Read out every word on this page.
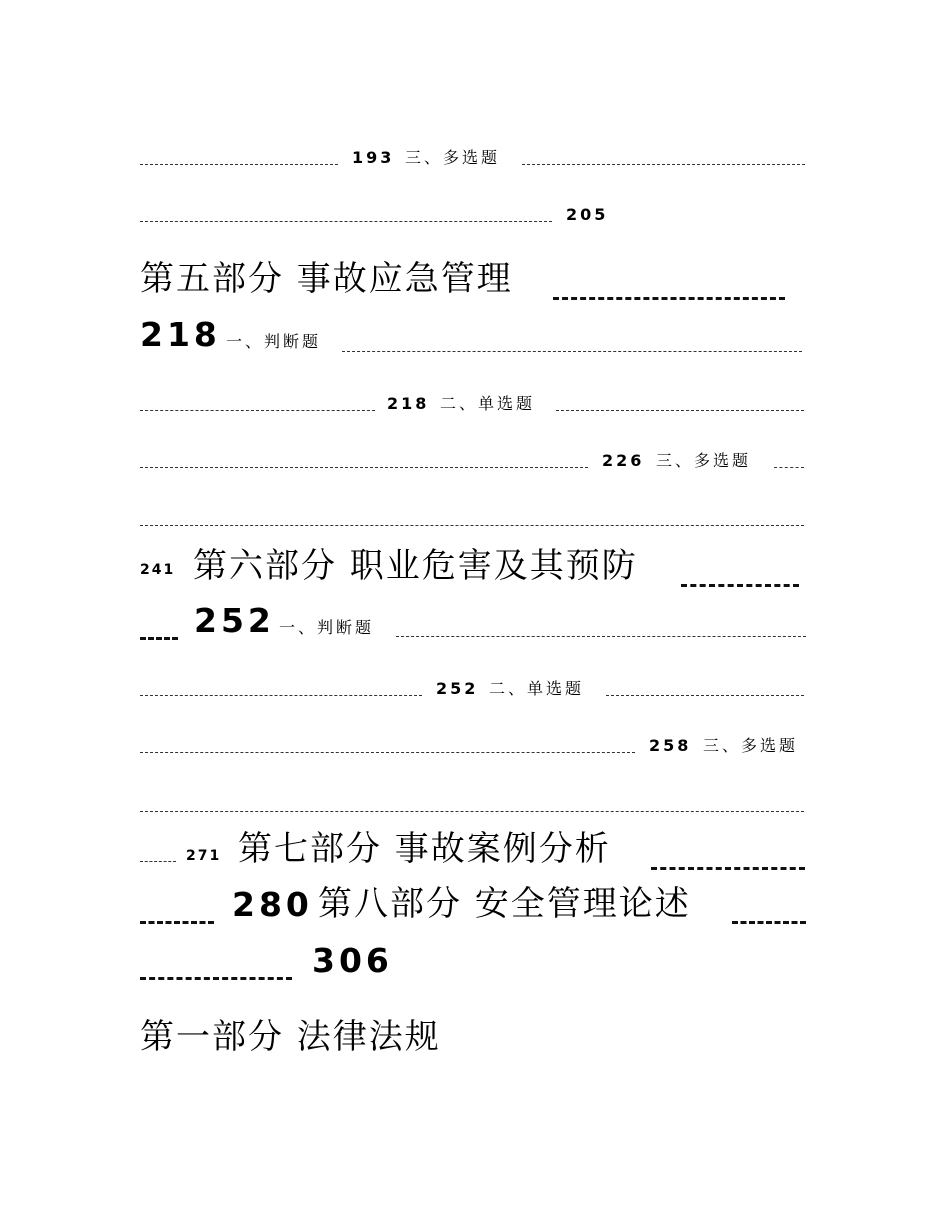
193 三、多选题
205
第五部分 事故应急管理
218 一、判断题
218 二、单选题
226 三、多选题
241 第六部分 职业危害及其预防
252 一、判断题
252 二、单选题
258 三、多选题
271 第七部分 事故案例分析
280 第八部分 安全管理论述
306
第一部分 法律法规
